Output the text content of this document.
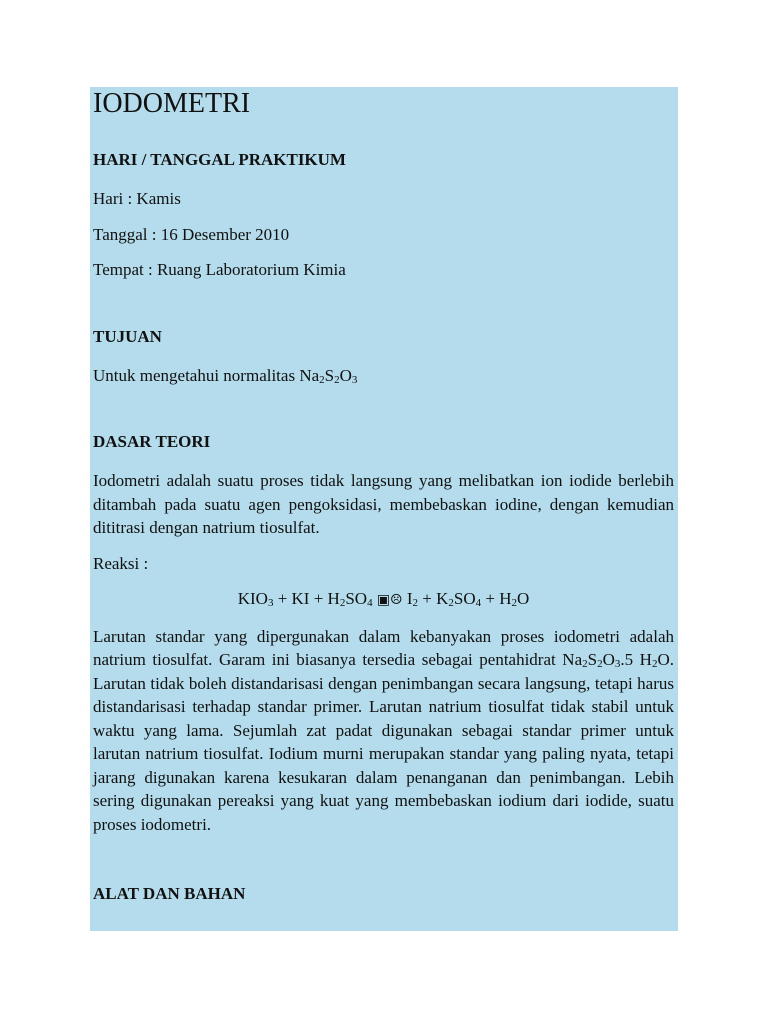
IODOMETRI
HARI / TANGGAL PRAKTIKUM
Hari : Kamis
Tanggal : 16 Desember 2010
Tempat : Ruang Laboratorium Kimia
TUJUAN
Untuk mengetahui normalitas $Na_2S_2O_3$
DASAR TEORI
Iodometri adalah suatu proses tidak langsung yang melibatkan ion iodide berlebih ditambah pada suatu agen pengoksidasi, membebaskan iodine, dengan kemudian dititrasi dengan natrium tiosulfat.
Reaksi :
$KIO_3$ + KI + $H_2SO_4$ ▣☹ $I_2 + K_2SO_4 + H_2O$
Larutan standar yang dipergunakan dalam kebanyakan proses iodometri adalah natrium tiosulfat. Garam ini biasanya tersedia sebagai pentahidrat $Na_2S_2O_3.5$ $H_2O$. Larutan tidak boleh distandarisasi dengan penimbangan secara langsung, tetapi harus distandarisasi terhadap standar primer. Larutan natrium tiosulfat tidak stabil untuk waktu yang lama. Sejumlah zat padat digunakan sebagai standar primer untuk larutan natrium tiosulfat. Iodium murni merupakan standar yang paling nyata, tetapi jarang digunakan karena kesukaran dalam penanganan dan penimbangan. Lebih sering digunakan pereaksi yang kuat yang membebaskan iodium dari iodide, suatu proses iodometri.
ALAT DAN BAHAN
